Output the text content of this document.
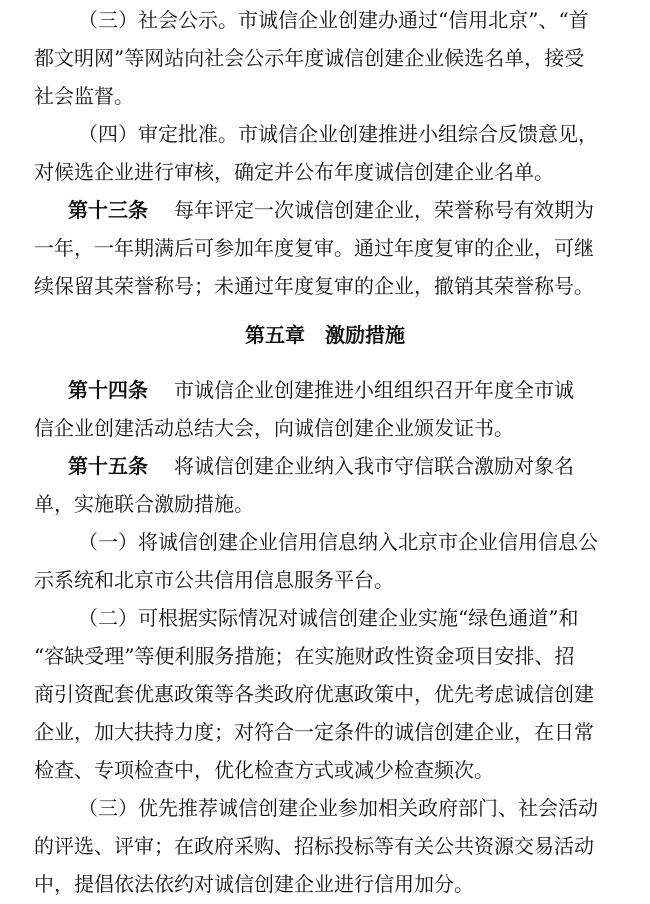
（三）社会公示。市诚信企业创建办通过“信用北京”、“首
都文明网”等网站向社会公示年度诚信创建企业候选名单，接受
社会监督。
（四）审定批准。市诚信企业创建推进小组综合反馈意见，
对候选企业进行审核，确定并公布年度诚信创建企业名单。
第十三条 每年评定一次诚信创建企业，荣誉称号有效期为
一年，一年期满后可参加年度复审。通过年度复审的企业，可继
续保留其荣誉称号；未通过年度复审的企业，撤销其荣誉称号。
第五章　激励措施
第十四条 市诚信企业创建推进小组组织召开年度全市诚
信企业创建活动总结大会，向诚信创建企业颁发证书。
第十五条 将诚信创建企业纳入我市守信联合激励对象名
单，实施联合激励措施。
（一）将诚信创建企业信用信息纳入北京市企业信用信息公
示系统和北京市公共信用信息服务平台。
（二）可根据实际情况对诚信创建企业实施“绿色通道”和
“容缺受理”等便利服务措施；在实施财政性资金项目安排、招
商引资配套优惠政策等各类政府优惠政策中，优先考虑诚信创建
企业，加大扶持力度；对符合一定条件的诚信创建企业，在日常
检查、专项检查中，优化检查方式或减少检查频次。
（三）优先推荐诚信创建企业参加相关政府部门、社会活动
的评选、评审；在政府采购、招标投标等有关公共资源交易活动
中，提倡依法依约对诚信创建企业进行信用加分。
